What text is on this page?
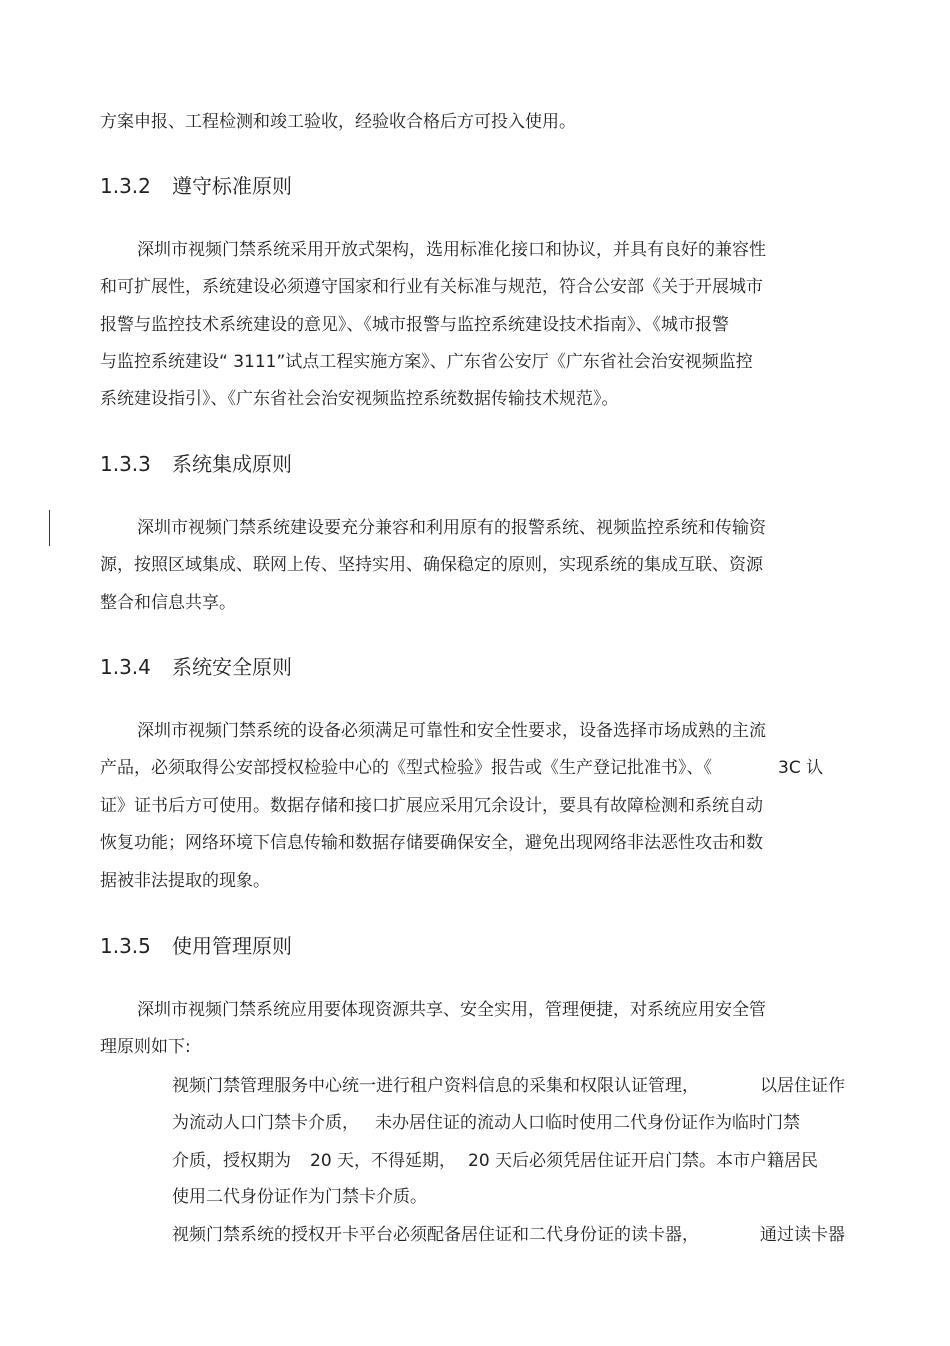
方案申报、工程检测和竣工验收，经验收合格后方可投入使用。
1.3.2 遵守标准原则
深圳市视频门禁系统采用开放式架构，选用标准化接口和协议，并具有良好的兼容性
和可扩展性，系统建设必须遵守国家和行业有关标准与规范，符合公安部《关于开展城市
报警与监控技术系统建设的意见》、《城市报警与监控系统建设技术指南》、《城市报警
与监控系统建设“ 3111”试点工程实施方案》、广东省公安厅《广东省社会治安视频监控
系统建设指引》、《广东省社会治安视频监控系统数据传输技术规范》。
1.3.3 系统集成原则
深圳市视频门禁系统建设要充分兼容和利用原有的报警系统、视频监控系统和传输资
源，按照区域集成、联网上传、坚持实用、确保稳定的原则，实现系统的集成互联、资源
整合和信息共享。
1.3.4 系统安全原则
深圳市视频门禁系统的设备必须满足可靠性和安全性要求，设备选择市场成熟的主流
产品，必须取得公安部授权检验中心的《型式检验》报告或《生产登记批准书》、《	3C 认
证》证书后方可使用。数据存储和接口扩展应采用冗余设计，要具有故障检测和系统自动
恢复功能；网络环境下信息传输和数据存储要确保安全，避免出现网络非法恶性攻击和数
据被非法提取的现象。
1.3.5 使用管理原则
深圳市视频门禁系统应用要体现资源共享、安全实用，管理便捷，对系统应用安全管
理原则如下:
视频门禁管理服务中心统一进行租户资料信息的采集和权限认证管理，	以居住证作
为流动人口门禁卡介质， 未办居住证的流动人口临时使用二代身份证作为临时门禁
介质，授权期为 20 天，不得延期， 20 天后必须凭居住证开启门禁。本市户籍居民
使用二代身份证作为门禁卡介质。
视频门禁系统的授权开卡平台必须配备居住证和二代身份证的读卡器，	通过读卡器
